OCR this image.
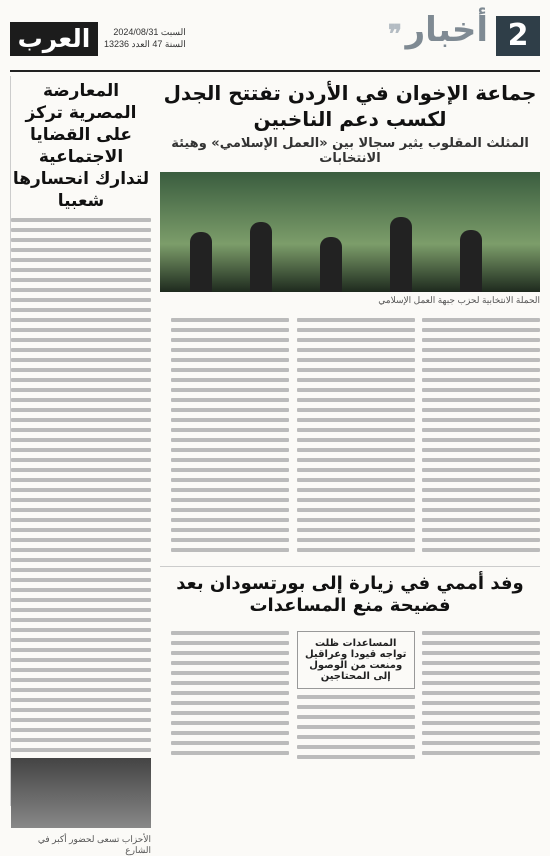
2
أخبار
❞
العرب	السبت 2024/08/31
السنة 47 العدد 13236
جماعة الإخوان في الأردن تفتتح الجدل لكسب دعم الناخبين
المثلث المقلوب يثير سجالا بين «العمل الإسلامي» وهيئة الانتخابات
الحملة الانتخابية لحزب جبهة العمل الإسلامي
وفد أممي في زيارة إلى بورتسودان بعد فضيحة منع المساعدات
المساعدات ظلت تواجه قيودا وعراقيل ومنعت من الوصول إلى المحتاجين
المعارضة المصرية تركز على القضايا الاجتماعية لتدارك انحسارها شعبيا
الأحزاب تسعى لحضور أكبر في الشارع
